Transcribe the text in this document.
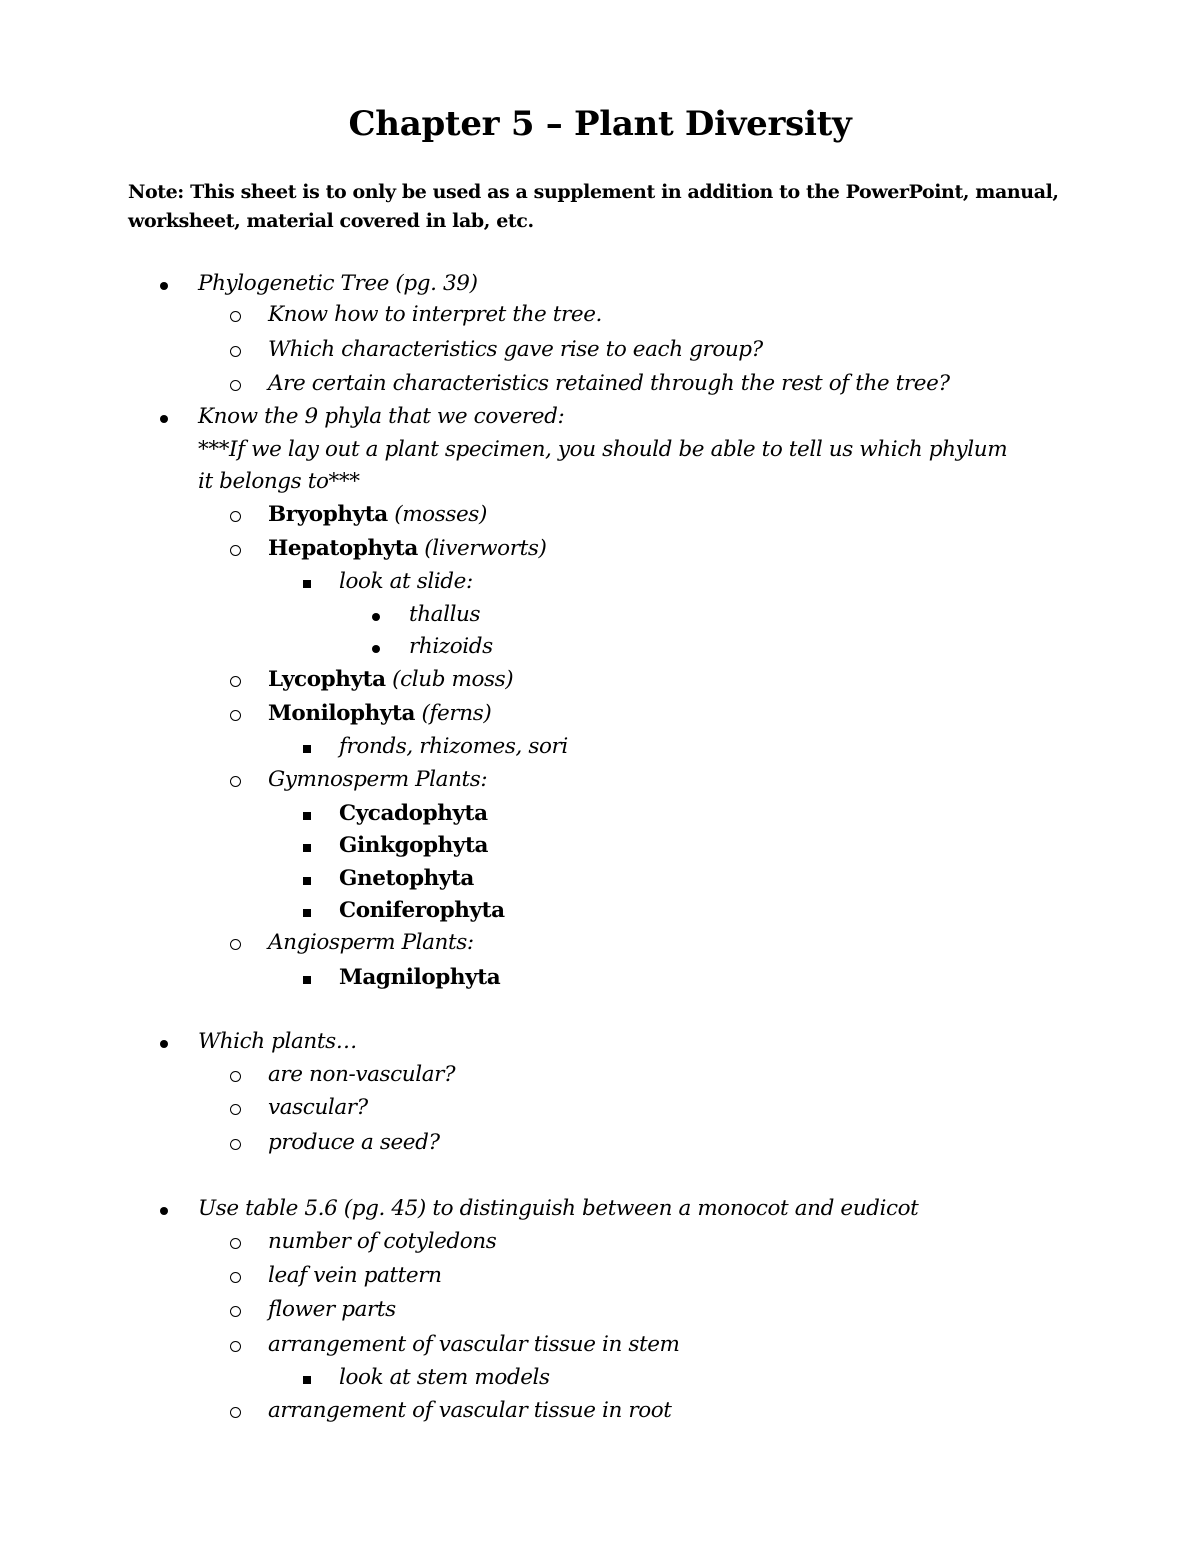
Chapter 5 – Plant Diversity
Note: This sheet is to only be used as a supplement in addition to the PowerPoint, manual, worksheet, material covered in lab, etc.
Phylogenetic Tree (pg. 39)
Know how to interpret the tree.
Which characteristics gave rise to each group?
Are certain characteristics retained through the rest of the tree?
Know the 9 phyla that we covered:
***If we lay out a plant specimen, you should be able to tell us which phylum
it belongs to***
Bryophyta (mosses)
Hepatophyta (liverworts)
look at slide:
thallus
rhizoids
Lycophyta (club moss)
Monilophyta (ferns)
fronds, rhizomes, sori
Gymnosperm Plants:
Cycadophyta
Ginkgophyta
Gnetophyta
Coniferophyta
Angiosperm Plants:
Magnilophyta
Which plants…
are non-vascular?
vascular?
produce a seed?
Use table 5.6 (pg. 45) to distinguish between a monocot and eudicot
number of cotyledons
leaf vein pattern
flower parts
arrangement of vascular tissue in stem
look at stem models
arrangement of vascular tissue in root
